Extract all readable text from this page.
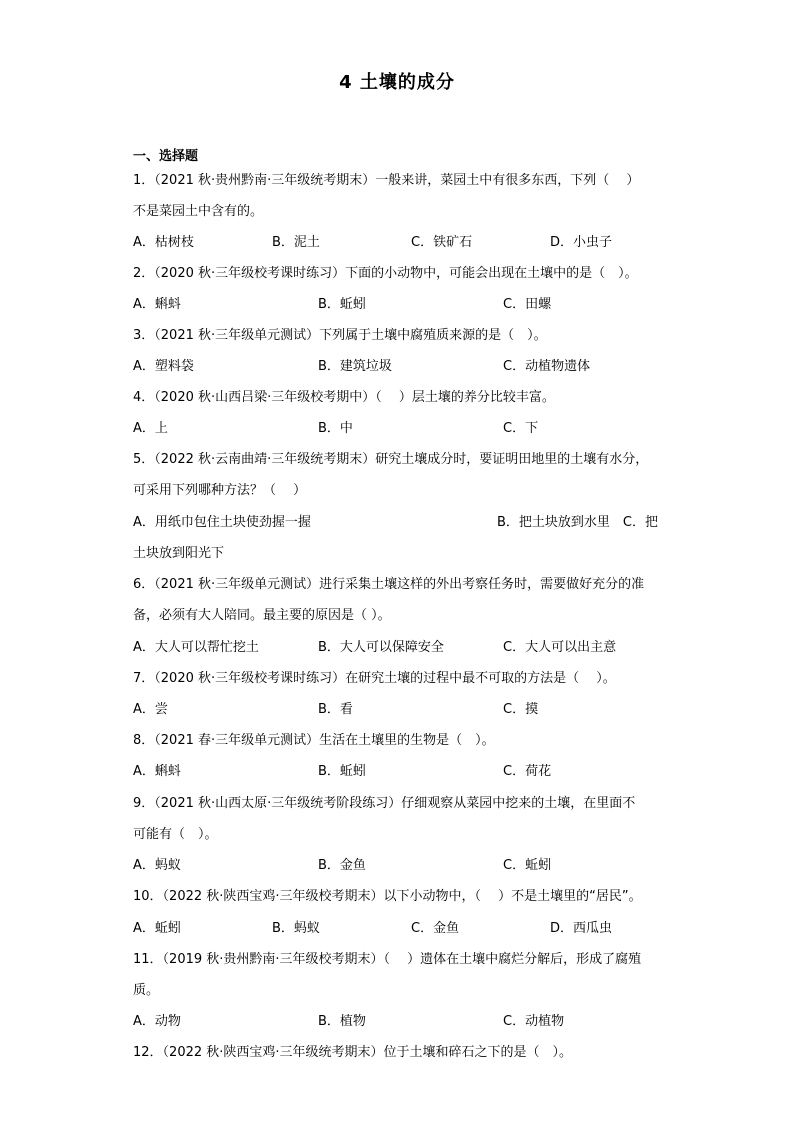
4 土壤的成分
一、选择题
1．（2021 秋·贵州黔南·三年级统考期末）一般来讲，菜园土中有很多东西，下列（　 ）
不是菜园土中含有的。
A．枯树枝	B．泥土	C．铁矿石	D．小虫子
2．（2020 秋·三年级校考课时练习）下面的小动物中，可能会出现在土壤中的是（　）。
A．蝌蚪	B．蚯蚓	C．田螺
3．（2021 秋·三年级单元测试）下列属于土壤中腐殖质来源的是（　）。
A．塑料袋	B．建筑垃圾	C．动植物遗体
4．（2020 秋·山西吕梁·三年级校考期中）（　 ）层土壤的养分比较丰富。
A．上	B．中	C．下
5．（2022 秋·云南曲靖·三年级统考期末）研究土壤成分时，要证明田地里的土壤有水分，
可采用下列哪种方法？（　 ）
A．用纸巾包住土块使劲握一握	B．把土块放到水里　C．把
土块放到阳光下
6．（2021 秋·三年级单元测试）进行采集土壤这样的外出考察任务时，需要做好充分的准
备，必须有大人陪同。最主要的原因是（ ）。
A．大人可以帮忙挖土	B．大人可以保障安全	C．大人可以出主意
7．（2020 秋·三年级校考课时练习）在研究土壤的过程中最不可取的方法是（　 ）。
A．尝	B．看	C．摸
8．（2021 春·三年级单元测试）生活在土壤里的生物是（　）。
A．蝌蚪	B．蚯蚓	C．荷花
9．（2021 秋·山西太原·三年级统考阶段练习）仔细观察从菜园中挖来的土壤，在里面不
可能有（　）。
A．蚂蚁	B．金鱼	C．蚯蚓
10．（2022 秋·陕西宝鸡·三年级校考期末）以下小动物中，（　 ）不是土壤里的“居民”。
A．蚯蚓	B．蚂蚁	C．金鱼	D．西瓜虫
11．（2019 秋·贵州黔南·三年级校考期末）（　 ）遗体在土壤中腐烂分解后，形成了腐殖
质。
A．动物	B．植物	C．动植物
12．（2022 秋·陕西宝鸡·三年级统考期末）位于土壤和碎石之下的是（　）。
